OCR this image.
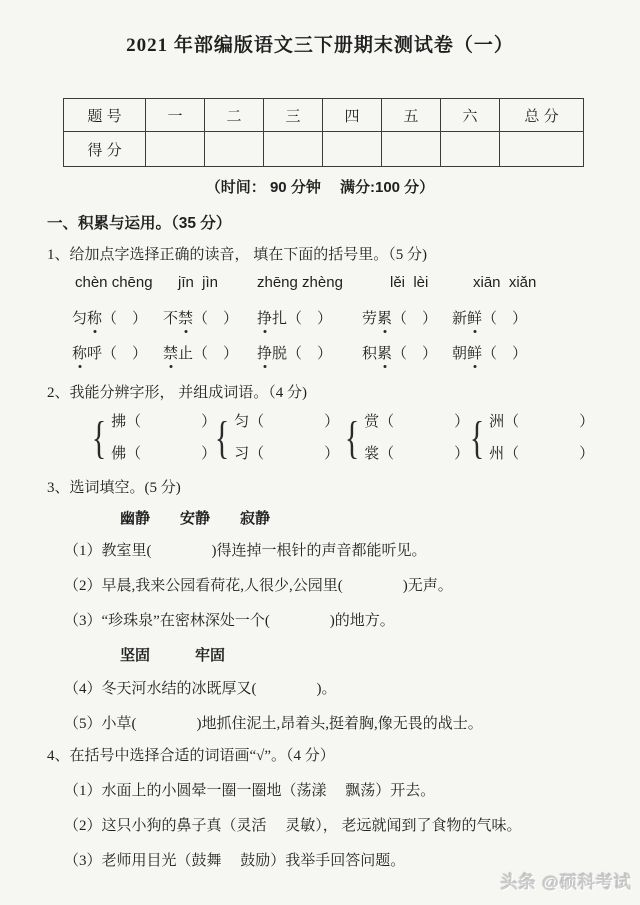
2021 年部编版语文三下册期末测试卷（一）
题 号	一	二	三	四	五	六	总 分
得 分							
（时间： 90 分钟　 满分:100 分）
一、积累与运用。（35 分）
1、给加点字选择正确的读音， 填在下面的括号里。（5 分)
chèn chēng	jīn  jìn	zhēng zhèng	lěi  lèi	xiān  xiǎn
匀称（　）	不禁（　）	挣扎（　）	劳累（　） 新鲜（　）
称呼（　）	禁止（　）	挣脱（　）	积累（　） 朝鲜（　）
2、我能分辨字形， 并组成词语。（4 分)
{ 拂（　　　　）
佛（　　　　）
{ 匀（　　　　）
习（　　　　） { 赏（　　　　）
裳（　　　　） { 洲（　　　　）
州（　　　　）
3、选词填空。(5 分)
幽静　　安静　　寂静
（1）教室里(　　　　)得连掉一根针的声音都能听见。
（2）早晨,我来公园看荷花,人很少,公园里(　　　　)无声。
（3）“珍珠泉”在密林深处一个(　　　　)的地方。
坚固　　　牢固
（4）冬天河水结的冰既厚又(　　　　)。
（5）小草(　　　　)地抓住泥土,昂着头,挺着胸,像无畏的战士。
4、在括号中选择合适的词语画“√”。（4 分）
（1）水面上的小圆晕一圈一圈地（荡漾　 飘荡）开去。
（2）这只小狗的鼻子真（灵活　 灵敏）， 老远就闻到了食物的气味。
（3）老师用目光（鼓舞　 鼓励）我举手回答问题。
头条 @硕科考试
